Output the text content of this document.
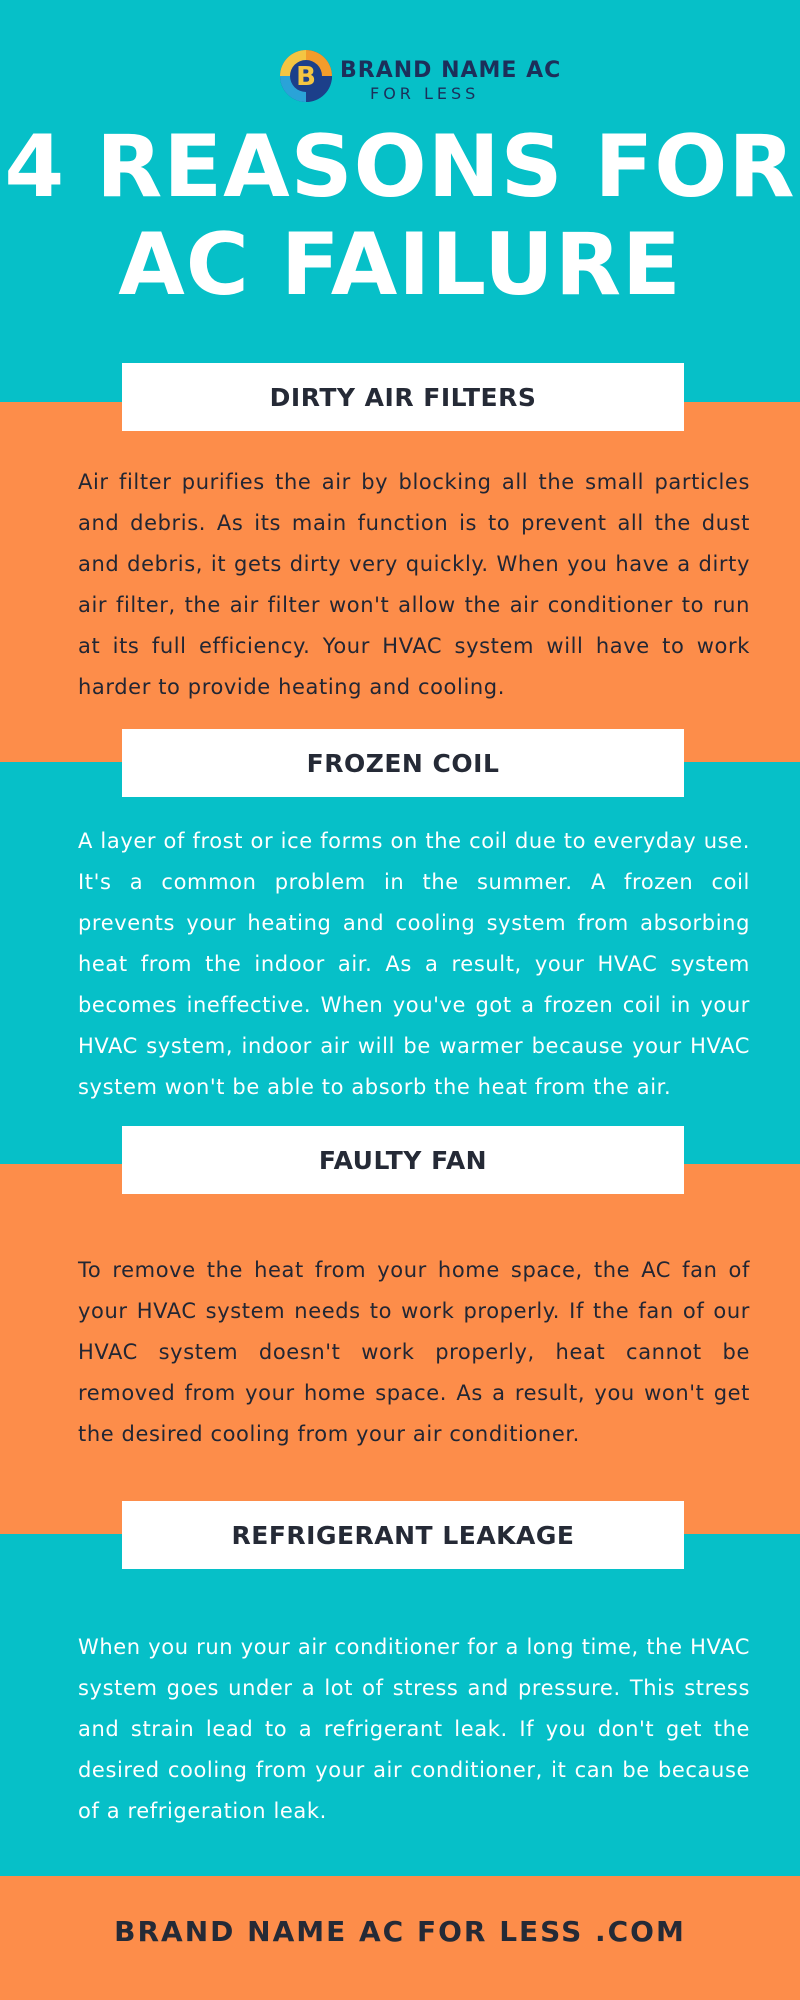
B BRAND NAME AC
FOR LESS
4 REASONS FOR AC FAILURE
DIRTY AIR FILTERS
Air filter purifies the air by blocking all the small particles and debris. As its main function is to prevent all the dust and debris, it gets dirty very quickly. When you have a dirty air filter, the air filter won't allow the air conditioner to run at its full efficiency. Your HVAC system will have to work harder to provide heating and cooling.
FROZEN COIL
A layer of frost or ice forms on the coil due to everyday use. It's a common problem in the summer. A frozen coil prevents your heating and cooling system from absorbing heat from the indoor air. As a result, your HVAC system becomes ineffective. When you've got a frozen coil in your HVAC system, indoor air will be warmer because your HVAC system won't be able to absorb the heat from the air.
FAULTY FAN
To remove the heat from your home space, the AC fan of your HVAC system needs to work properly. If the fan of our HVAC system doesn't work properly, heat cannot be removed from your home space. As a result, you won't get the desired cooling from your air conditioner.
REFRIGERANT LEAKAGE
When you run your air conditioner for a long time, the HVAC system goes under a lot of stress and pressure. This stress and strain lead to a refrigerant leak. If you don't get the desired cooling from your air conditioner, it can be because of a refrigeration leak.
BRAND NAME AC FOR LESS .COM
